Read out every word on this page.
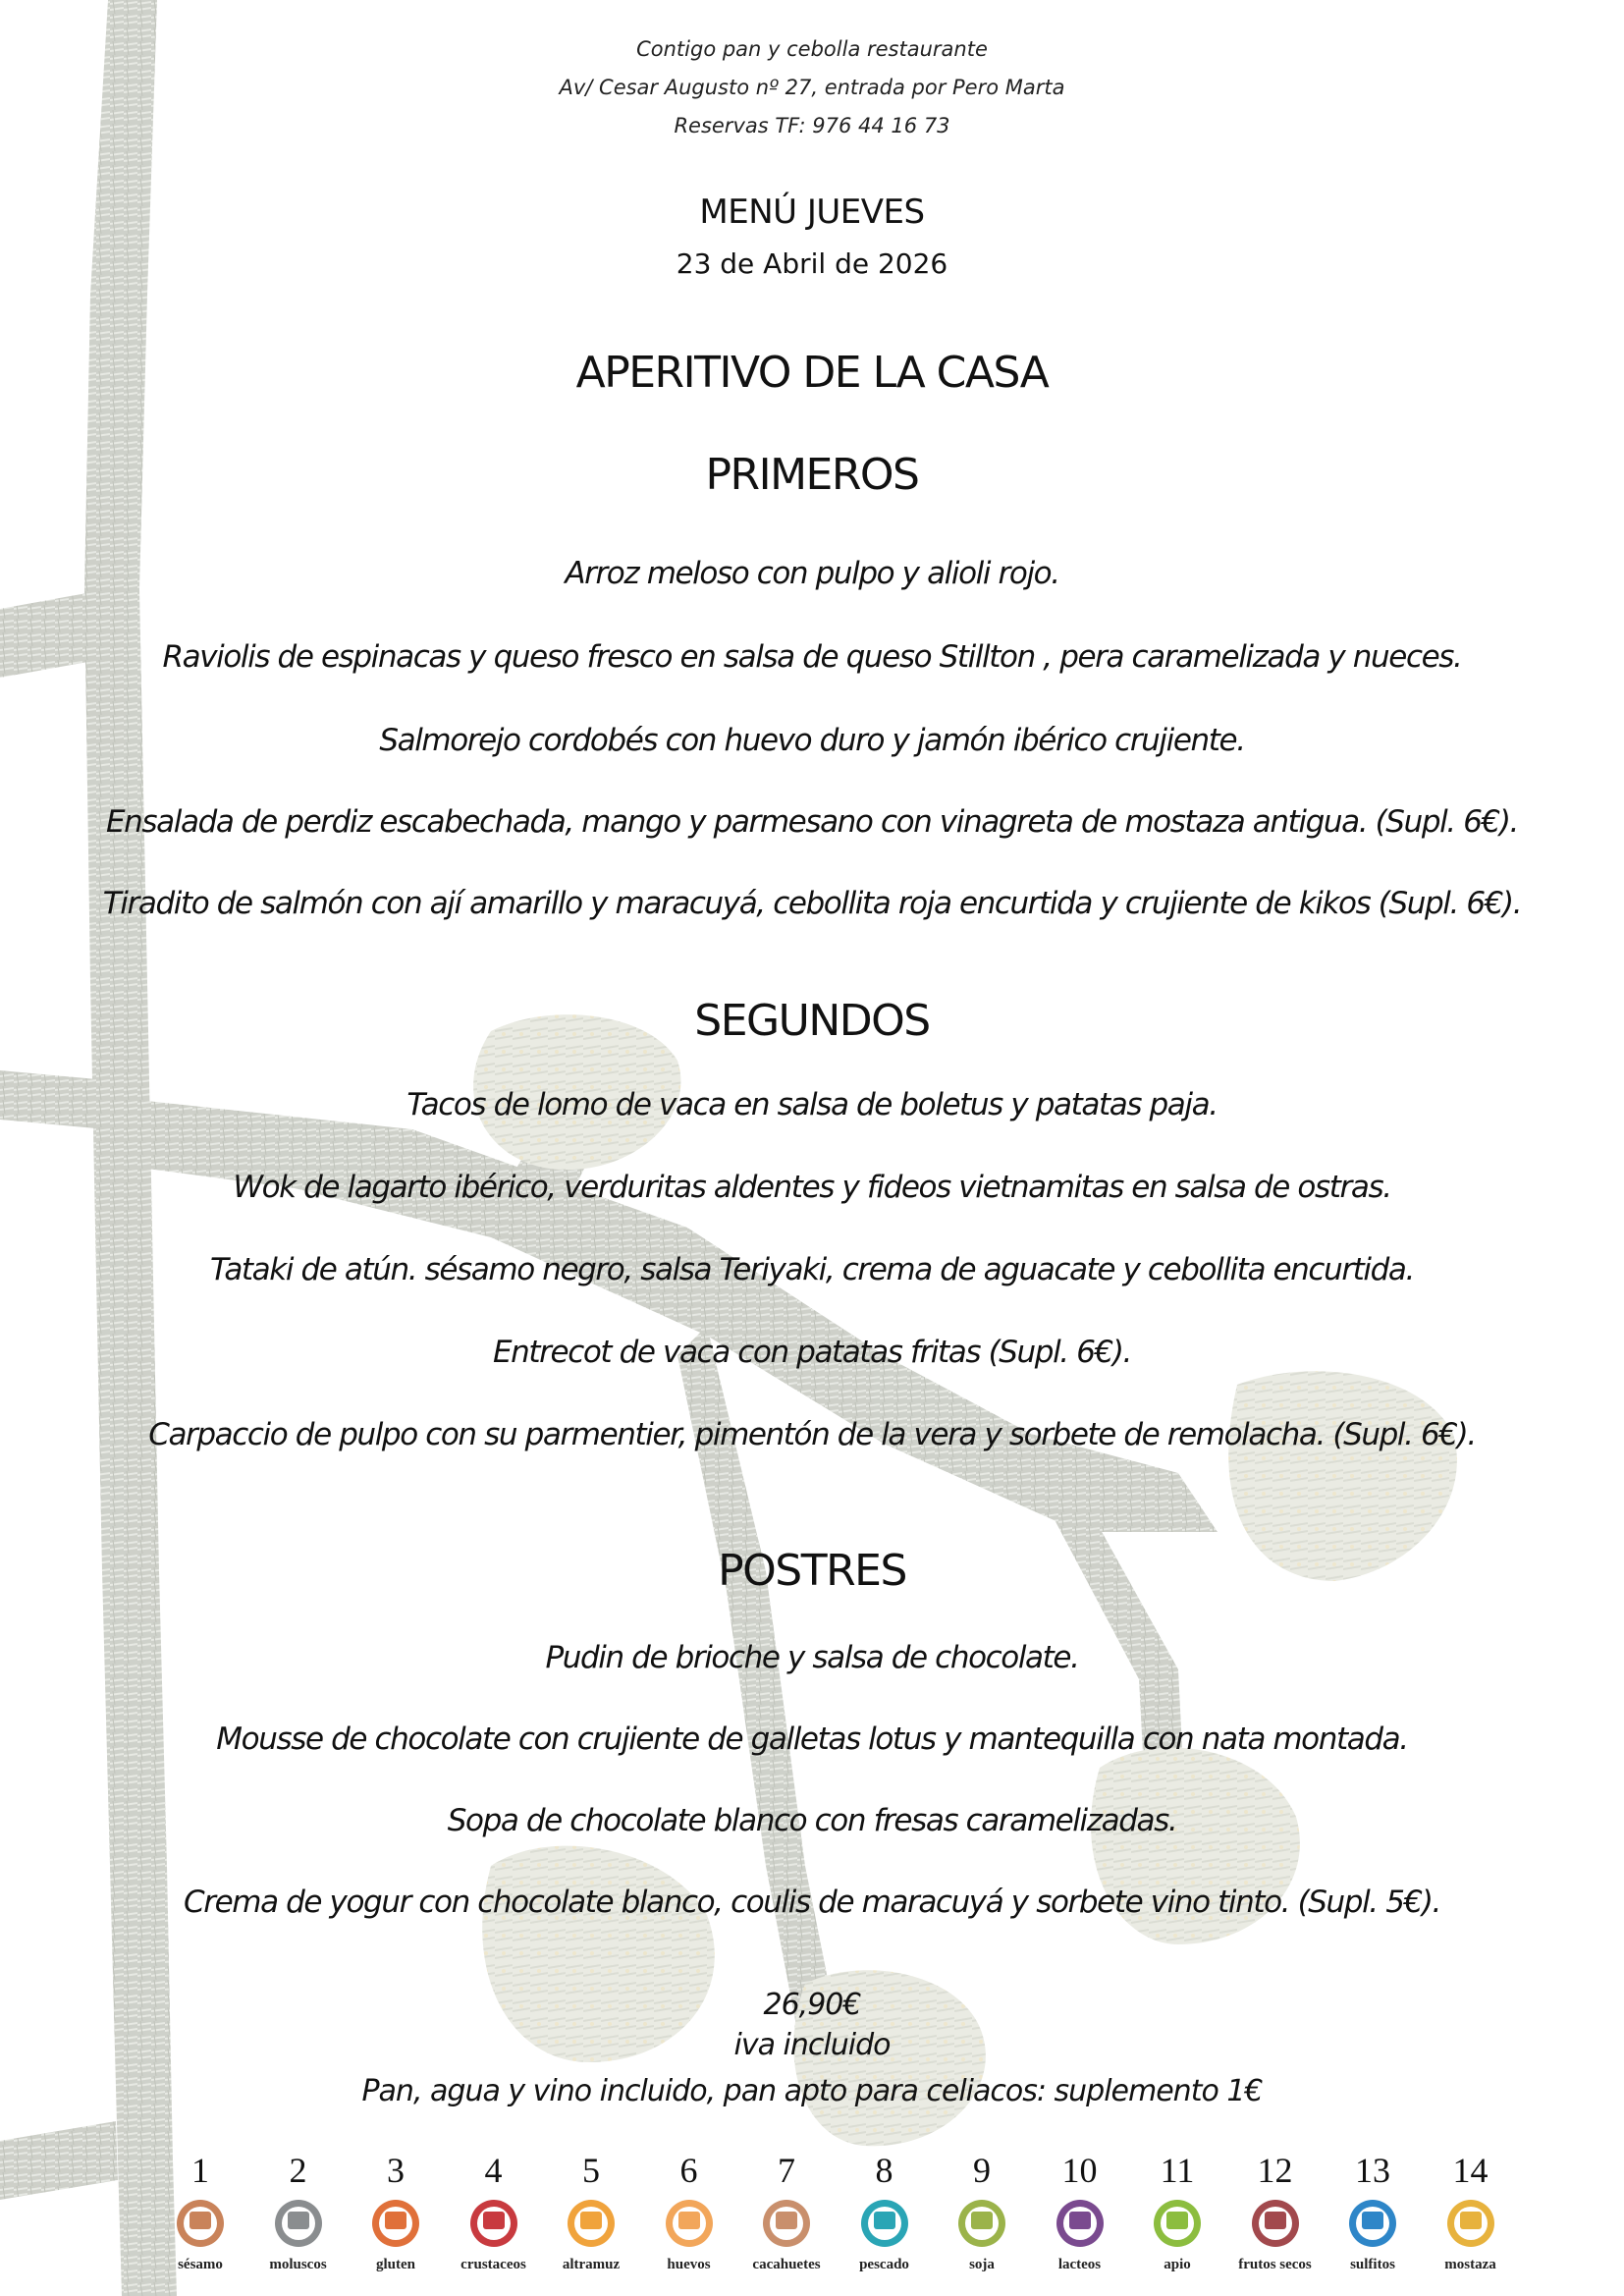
Contigo pan y cebolla restaurante
Av/ Cesar Augusto nº 27, entrada por Pero Marta
Reservas TF: 976 44 16 73
MENÚ JUEVES
23 de Abril de 2026
APERITIVO DE LA CASA
PRIMEROS
Arroz meloso con pulpo y alioli rojo.
Raviolis de espinacas y queso fresco en salsa de queso Stillton , pera caramelizada y nueces.
Salmorejo cordobés con huevo duro y jamón ibérico crujiente.
Ensalada de perdiz escabechada, mango y parmesano con vinagreta de mostaza antigua. (Supl. 6€).
Tiradito de salmón con ají amarillo y maracuyá, cebollita roja encurtida y crujiente de kikos (Supl. 6€).
SEGUNDOS
Tacos de lomo de vaca en salsa de boletus y patatas paja.
Wok de lagarto ibérico, verduritas aldentes y fideos vietnamitas en salsa de ostras.
Tataki de atún. sésamo negro, salsa Teriyaki, crema de aguacate y cebollita encurtida.
Entrecot de vaca con patatas fritas (Supl. 6€).
Carpaccio de pulpo con su parmentier, pimentón de la vera y sorbete de remolacha. (Supl. 6€).
POSTRES
Pudin de brioche y salsa de chocolate.
Mousse de chocolate con crujiente de galletas lotus y mantequilla con nata montada.
Sopa de chocolate blanco con fresas caramelizadas.
Crema de yogur con chocolate blanco, coulis de maracuyá y sorbete vino tinto. (Supl. 5€).
26,90€
iva incluido
Pan, agua y vino incluido, pan apto para celiacos: suplemento 1€
1
sésamo
2
moluscos
3
gluten
4
crustaceos
5
altramuz
6
huevos
7
cacahuetes
8
pescado
9
soja
10
lacteos
11
apio
12
frutos secos
13
sulfitos
14
mostaza
